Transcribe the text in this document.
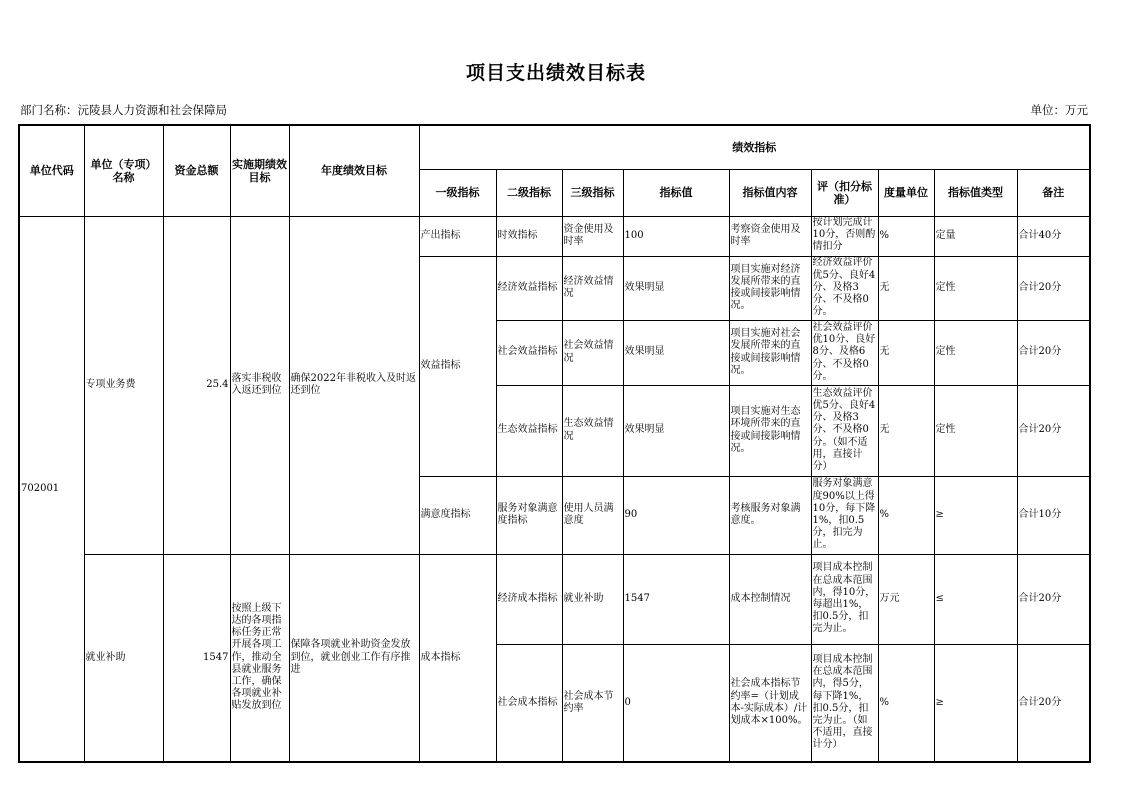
项目支出绩效目标表
部门名称：沅陵县人力资源和社会保障局	单位：万元
单位代码	单位（专项）名称	资金总额	实施期绩效目标	年度绩效目标	绩效指标								
					一级指标	二级指标	三级指标	指标值	指标值内容	评（扣分标准）	度量单位	指标值类型	备注
702001	专项业务费	25.4	落实非税收入返还到位	确保2022年非税收入及时返还到位	产出指标	时效指标	资金使用及时率	100	考察资金使用及时率	按计划完成计10分，否则酌情扣分	%	定量	合计40分
					效益指标	经济效益指标	经济效益情况	效果明显	项目实施对经济发展所带来的直接或间接影响情况。	经济效益评价优5分、良好4分、及格3分、不及格0分。	无	定性	合计20分
						社会效益指标	社会效益情况	效果明显	项目实施对社会发展所带来的直接或间接影响情况。	社会效益评价优10分、良好8分、及格6分、不及格0分。	无	定性	合计20分
						生态效益指标	生态效益情况	效果明显	项目实施对生态环境所带来的直接或间接影响情况。	生态效益评价优5分、良好4分、及格3分、不及格0分。（如不适用，直接计分）	无	定性	合计20分
					满意度指标	服务对象满意度指标	使用人员满意度	90	考核服务对象满意度。	服务对象满意度90%以上得10分，每下降1%，扣0.5分，扣完为止。	%	≥	合计10分
	就业补助	1547	按照上级下达的各项指标任务正常开展各项工作，推动全县就业服务工作，确保各项就业补贴发放到位	保障各项就业补助资金发放到位，就业创业工作有序推进	成本指标	经济成本指标	就业补助	1547	成本控制情况	项目成本控制在总成本范围内，得10分，每超出1%，扣0.5分，扣完为止。	万元	≤	合计20分
						社会成本指标	社会成本节约率	0	社会成本指标节约率=（计划成本-实际成本）/计划成本×100%。	项目成本控制在总成本范围内，得5分，每下降1%，扣0.5分，扣完为止。（如不适用，直接计分）	%	≥	合计20分
